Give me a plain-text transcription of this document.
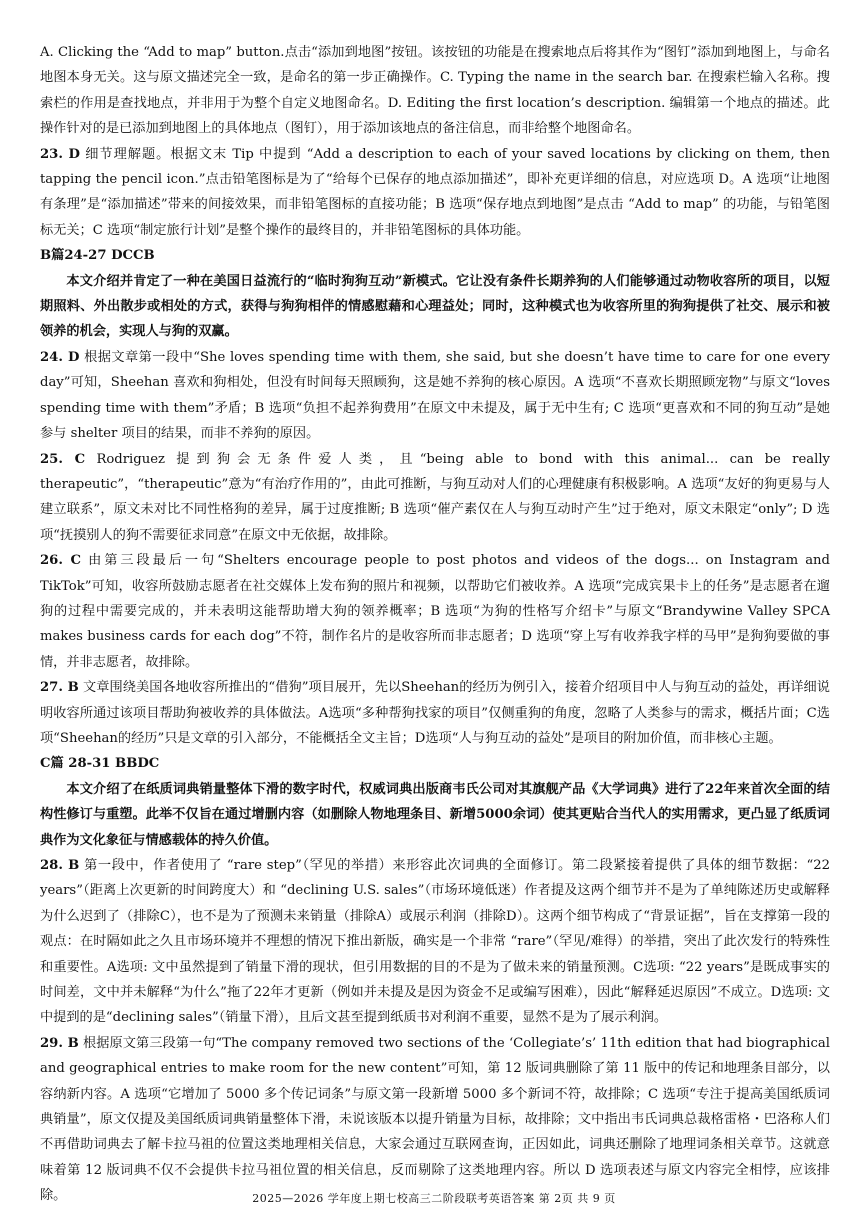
A. Clicking the “Add to map” button.点击“添加到地图”按钮。该按钮的功能是在搜索地点后将其作为“图钉”添加到地图上，与命名地图本身无关。这与原文描述完全一致，是命名的第一步正确操作。C. Typing the name in the search bar. 在搜索栏输入名称。搜索栏的作用是查找地点，并非用于为整个自定义地图命名。D. Editing the first location’s description. 编辑第一个地点的描述。此操作针对的是已添加到地图上的具体地点（图钉），用于添加该地点的备注信息，而非给整个地图命名。

23. D 细节理解题。根据文末 Tip 中提到 “Add a description to each of your saved locations by clicking on them, then tapping the pencil icon.”点击铅笔图标是为了“给每个已保存的地点添加描述”，即补充更详细的信息，对应选项 D。A 选项“让地图有条理”是“添加描述”带来的间接效果，而非铅笔图标的直接功能；B 选项“保存地点到地图”是点击 “Add to map” 的功能，与铅笔图标无关；C 选项“制定旅行计划”是整个操作的最终目的，并非铅笔图标的具体功能。

B篇24-27 DCCB

本文介绍并肯定了一种在美国日益流行的“临时狗狗互动”新模式。它让没有条件长期养狗的人们能够通过动物收容所的项目，以短期照料、外出散步或相处的方式，获得与狗狗相伴的情感慰藉和心理益处；同时，这种模式也为收容所里的狗狗提供了社交、展示和被领养的机会，实现人与狗的双赢。

24. D 根据文章第一段中“She loves spending time with them, she said, but she doesn’t have time to care for one every day”可知，Sheehan 喜欢和狗相处，但没有时间每天照顾狗，这是她不养狗的核心原因。A 选项“不喜欢长期照顾宠物”与原文“loves spending time with them”矛盾；B 选项“负担不起养狗费用”在原文中未提及，属于无中生有; C 选项“更喜欢和不同的狗互动”是她参与 shelter 项目的结果，而非不养狗的原因。

25. C Rodriguez 提到狗会无条件爱人类，且“being able to bond with this animal... can be really therapeutic”，“therapeutic”意为“有治疗作用的”，由此可推断，与狗互动对人们的心理健康有积极影响。A 选项“友好的狗更易与人建立联系”，原文未对比不同性格狗的差异，属于过度推断; B 选项“催产素仅在人与狗互动时产生”过于绝对，原文未限定“only”; D 选项“抚摸别人的狗不需要征求同意”在原文中无依据，故排除。

26. C 由第三段最后一句“Shelters encourage people to post photos and videos of the dogs... on Instagram and TikTok”可知，收容所鼓励志愿者在社交媒体上发布狗的照片和视频，以帮助它们被收养。A 选项“完成宾果卡上的任务”是志愿者在遛狗的过程中需要完成的，并未表明这能帮助增大狗的领养概率；B 选项“为狗的性格写介绍卡”与原文“Brandywine Valley SPCA makes business cards for each dog”不符，制作名片的是收容所而非志愿者；D 选项“穿上写有收养我字样的马甲”是狗狗要做的事情，并非志愿者，故排除。

27. B 文章围绕美国各地收容所推出的“借狗”项目展开，先以Sheehan的经历为例引入，接着介绍项目中人与狗互动的益处，再详细说明收容所通过该项目帮助狗被收养的具体做法。A选项“多种帮狗找家的项目”仅侧重狗的角度，忽略了人类参与的需求，概括片面；C选项“Sheehan的经历”只是文章的引入部分，不能概括全文主旨；D选项“人与狗互动的益处”是项目的附加价值，而非核心主题。

C篇 28-31 BBDC

本文介绍了在纸质词典销量整体下滑的数字时代，权威词典出版商韦氏公司对其旗舰产品《大学词典》进行了22年来首次全面的结构性修订与重塑。此举不仅旨在通过增删内容（如删除人物地理条目、新增5000余词）使其更贴合当代人的实用需求，更凸显了纸质词典作为文化象征与情感载体的持久价值。

28. B 第一段中，作者使用了 “rare step”（罕见的举措）来形容此次词典的全面修订。第二段紧接着提供了具体的细节数据：“22 years”（距离上次更新的时间跨度大）和 “declining U.S. sales”（市场环境低迷）作者提及这两个细节并不是为了单纯陈述历史或解释为什么迟到了（排除C），也不是为了预测未来销量（排除A）或展示利润（排除D）。这两个细节构成了“背景证据”，旨在支撑第一段的观点：在时隔如此之久且市场环境并不理想的情况下推出新版，确实是一个非常 “rare”（罕见/难得）的举措，突出了此次发行的特殊性和重要性。A选项: 文中虽然提到了销量下滑的现状，但引用数据的目的不是为了做未来的销量预测。C选项: “22 years”是既成事实的时间差，文中并未解释“为什么”拖了22年才更新（例如并未提及是因为资金不足或编写困难），因此“解释延迟原因”不成立。D选项: 文中提到的是“declining sales”（销量下滑），且后文甚至提到纸质书对利润不重要，显然不是为了展示利润。

29. B 根据原文第三段第一句“The company removed two sections of the ‘Collegiate’s’ 11th edition that had biographical and geographical entries to make room for the new content”可知，第 12 版词典删除了第 11 版中的传记和地理条目部分，以容纳新内容。A 选项“它增加了 5000 多个传记词条”与原文第一段新增 5000 多个新词不符，故排除；C 选项“专注于提高美国纸质词典销量”，原文仅提及美国纸质词典销量整体下滑，未说该版本以提升销量为目标，故排除；文中指出韦氏词典总裁格雷格・巴洛称人们不再借助词典去了解卡拉马祖的位置这类地理相关信息，大家会通过互联网查询，正因如此，词典还删除了地理词条相关章节。这就意味着第 12 版词典不仅不会提供卡拉马祖位置的相关信息，反而剔除了这类地理内容。所以 D 选项表述与原文内容完全相悖，应该排除。	2025—2026 学年度上期七校高三二阶段联考英语答案 第 2页 共 9 页
